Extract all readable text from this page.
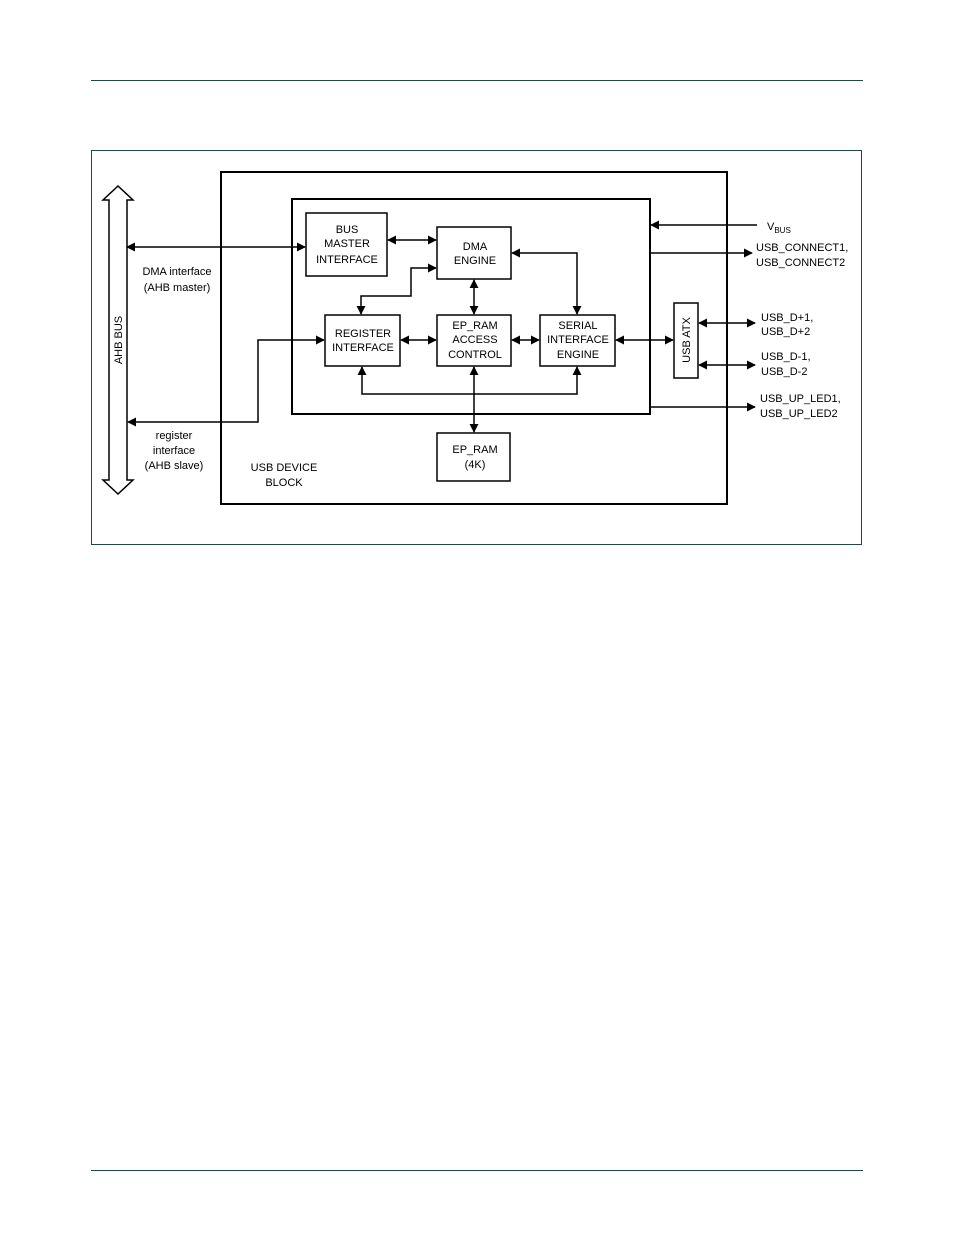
AHB BUS
BUS
MASTER
INTERFACE
DMA
ENGINE
REGISTER
INTERFACE
EP_RAM
ACCESS
CONTROL
SERIAL
INTERFACE
ENGINE
EP_RAM
(4K)
DMA interface
(AHB master)
register
interface
(AHB slave)	USB DEVICE
BLOCK
USB ATX
$V_{BUS}$
USB_CONNECT1,
USB_CONNECT2
USB_D+1,
USB_D+2
USB_D-1,
USB_D-2
USB_UP_LED1,
USB_UP_LED2
